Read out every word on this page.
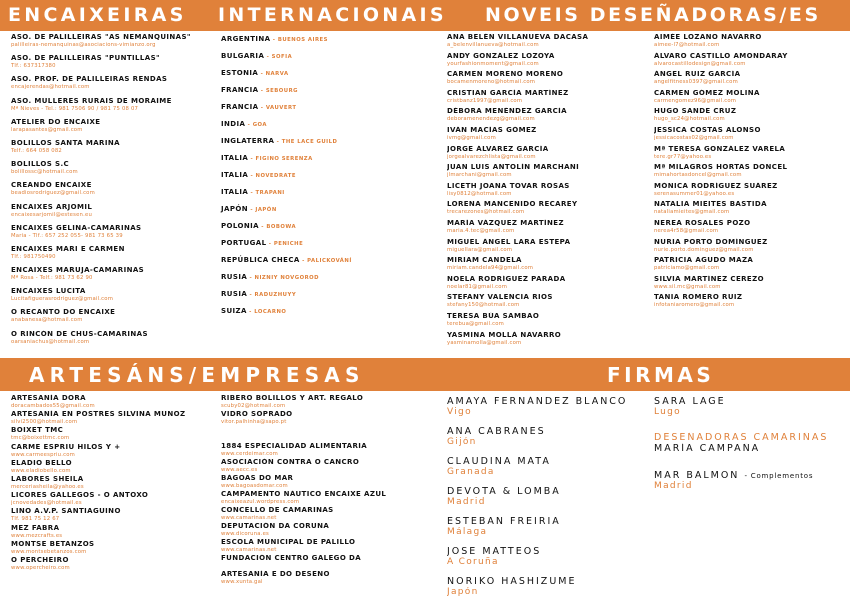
ENCAIXEIRAS INTERNACIONAIS NOVEIS DESEÑADORAS/ES
ASO. DE PALILLEIRAS "AS NEMANQUIÑAS"
palilleiras-nemanquinas@asociacions-vimianzo.org
ASO. DE PALILLEIRAS "PUNTILLAS"
Tlf.: 637317380
ASO. PROF. DE PALILLEIRAS RENDAS
encajerendas@hotmail.com
ASO. MULLERES RURAIS DE MORAIME
Mª Nieves - Tel.: 981 7506 90 / 981 75 08 07
ATELIER DO ENCAIXE
larapasantes@gmail.com
BOLILLOS SANTA MARIÑA
Telf.: 664 058 082
BOLILLOS S.C
bolillossc@hotmail.com
CREANDO ENCAIXE
beadiosrodriguez@gmail.com
ENCAIXES ARJOMIL
encaixesarjomil@estesen.eu
ENCAIXES GELINA-CAMARIÑAS
María - Tlf.: 657 252 055- 981 73 65 39
ENCAIXES MARI E CARMEN
Tlf.: 981750490
ENCAIXES MARUJA-CAMARIÑAS
Mª Rosa - Telf.: 981 73 62 90
ENCAIXES LUCITA
Lucitafiguerasrodriguez@gmail.com
O RECANTO DO ENCAIXE
anabanesa@hotmail.com
O RINCÓN DE CHUS-CAMARIÑAS
oarsaniachus@hotmail.com
ARGENTINA - BUENOS AIRES
BULGARIA - SOFIA
ESTONIA - NARVA
FRANCIA - SEBOURG
FRANCIA - VAUVERT
INDIA - GOA
INGLATERRA - THE LACE GUILD
ITALIA - FIGINO SERENZA
ITALIA - NOVEDRATE
ITALIA - TRAPANI
JAPÓN - JAPÓN
POLONIA - BOBOWA
PORTUGAL - PENICHE
REPÚBLICA CHECA - PALICKOVÁNÍ
RUSIA - NIZNIY NOVGOROD
RUSIA - RADUZHUYY
SUIZA - LOCARNO
ANA BELÉN VILLANUEVA DACASA
a_belenvillanueva@hotmail.com
ANDY GONZÁLEZ LOZOYA
yourfashionmoment@gmail.com
CARMEN MORENO MORENO
bocamenmoreno@hotmail.com
CRISTIAN GARCÍA MARTÍNEZ
cristbanz1997@gmail.com
DÉBORA MENÉNDEZ GARCÍA
deboramenendezg@gmail.com
IVÁN MACÍAS GÓMEZ
ivmg@gmail.com
JORGE ÁLVAREZ GARCÍA
jorgealvarezchlista@gmail.com
JUAN LUIS ANTOLÍN MARCHANI
jlmarchani@gmail.com
LICETH JOANA TOVAR ROSAS
lisy0812@hotmail.com
LORENA MANCEÑIDO RECAREY
trecarezones@hotmail.com
MARÍA VÁZQUEZ MARTÍNEZ
maria.4.tec@gmail.com
MIGUEL ÁNGEL LARA ESTEPA
miguellara@gmail.com
MIRIAM CANDELA
miriam.candela94@gmail.com
NOELA RODRÍGUEZ PARADA
noelar81@gmail.com
STEFANY VALENCIA RIOS
stefany150@hotmail.com
TERESA BÚA SAMBAO
terebua@gmail.com
YASMINA MOLLÁ NAVARRO
yasminamolla@gmail.com
AIMÉE LOZANO NAVARRO
aimee-l7@hotmail.com
ÁLVARO CASTILLO AMONDARAY
alvarocastillodesign@gmail.com
ÁNGEL RUIZ GARCÍA
angelfitness0397@gmail.com
CARMEN GÓMEZ MOLINA
carmengomez96@gmail.com
HUGO SANDE CRUZ
hugo_sc24@hotmail.com
JESSICA COSTAS ALONSO
jessicacostas02@gmail.com
Mª TERESA GONZÁLEZ VARELA
tere.gr77@yahoo.es
Mª MILAGROS HORTAS DONCEL
mimahortasdoncel@gmail.com
MÓNICA RODRÍGUEZ SUÁREZ
serenasummer01@yahoo.es
NATALIA MIEITES BASTIDA
nataliamieites@gmail.com
NEREA ROSALES POZO
nerea4r58@gmail.com
NURIA PORTO DOMÍNGUEZ
nurie.porto.dominguez@gmail.com
PATRICIA AGUDO MAZA
patriciamo@gmail.com
SILVIA MARTÍNEZ CEREZO
www.sil.mc@gmail.com
TANIA ROMERO RUIZ
infotaniaromero@gmail.com
ARTESÁNS/EMPRESAS	FIRMAS
ARTESANÍA DORA
doracambados55@gmail.com
ARTESANÍA EN POSTRES SILVINA MUÑOZ
silvi2500@hotmail.com
BOIXET TMC
tmc@boixettmc.com
CARME ESPRIU HILOS Y +
www.carmeespriu.com
ELADIO BELLO
www.eladiobello.com
LABORES SHEILA
merceriasheila@yahoo.es
LICORES GALLEGOS - O ANTOXO
jcnovedades@hotmail.es
LIÑO A.V.P. SANTIAGUIÑO
Tlf. 981 75 12 67
MEZ FABRA
www.mezcrafts.es
MONTSE BETANZOS
www.montsebetanzos.com
O PERCHEIRO
www.opercheiro.com
RIBERO BOLILLOS Y ART. REGALO
scuby02@hotmail.com
VIDRO SOPRADO
vitor.palhinha@sapo.pt
1884 ESPECIALIDAD ALIMENTARIA
www.cerdeimar.com
ASOCIACIÓN CONTRA O CANCRO
www.aecc.es
BÁGOAS DO MAR
www.bagoasdomar.com
CAMPAMENTO NÁUTICO ENCAIXE AZUL
encaixeazul.wordpress.com
CONCELLO DE CAMARIÑAS
www.camarinas.net
DEPUTACIÓN DA CORUÑA
www.dicoruna.es
ESCOLA MUNICIPAL DE PALILLO
www.camarinas.net
FUNDACIÓN CENTRO GALEGO DA
ARTESANÍA E DO DESEÑO
www.xunta.gal
AMAYA FERNÁNDEZ BLANCO
Vigo
ANA CABRANES
Gijón
CLAUDINA MATA
Granada
DEVOTA & LOMBA
Madrid
ESTEBAN FREIRIA
Málaga
JOSE MATTEOS
A Coruña
NORIKO HASHIZUME
Japón
SARA LAGE
Lugo
DESEÑADORAS CAMARIÑAS
MARÍA CAMPAÑA
MAR BALMON - Complementos
Madrid
